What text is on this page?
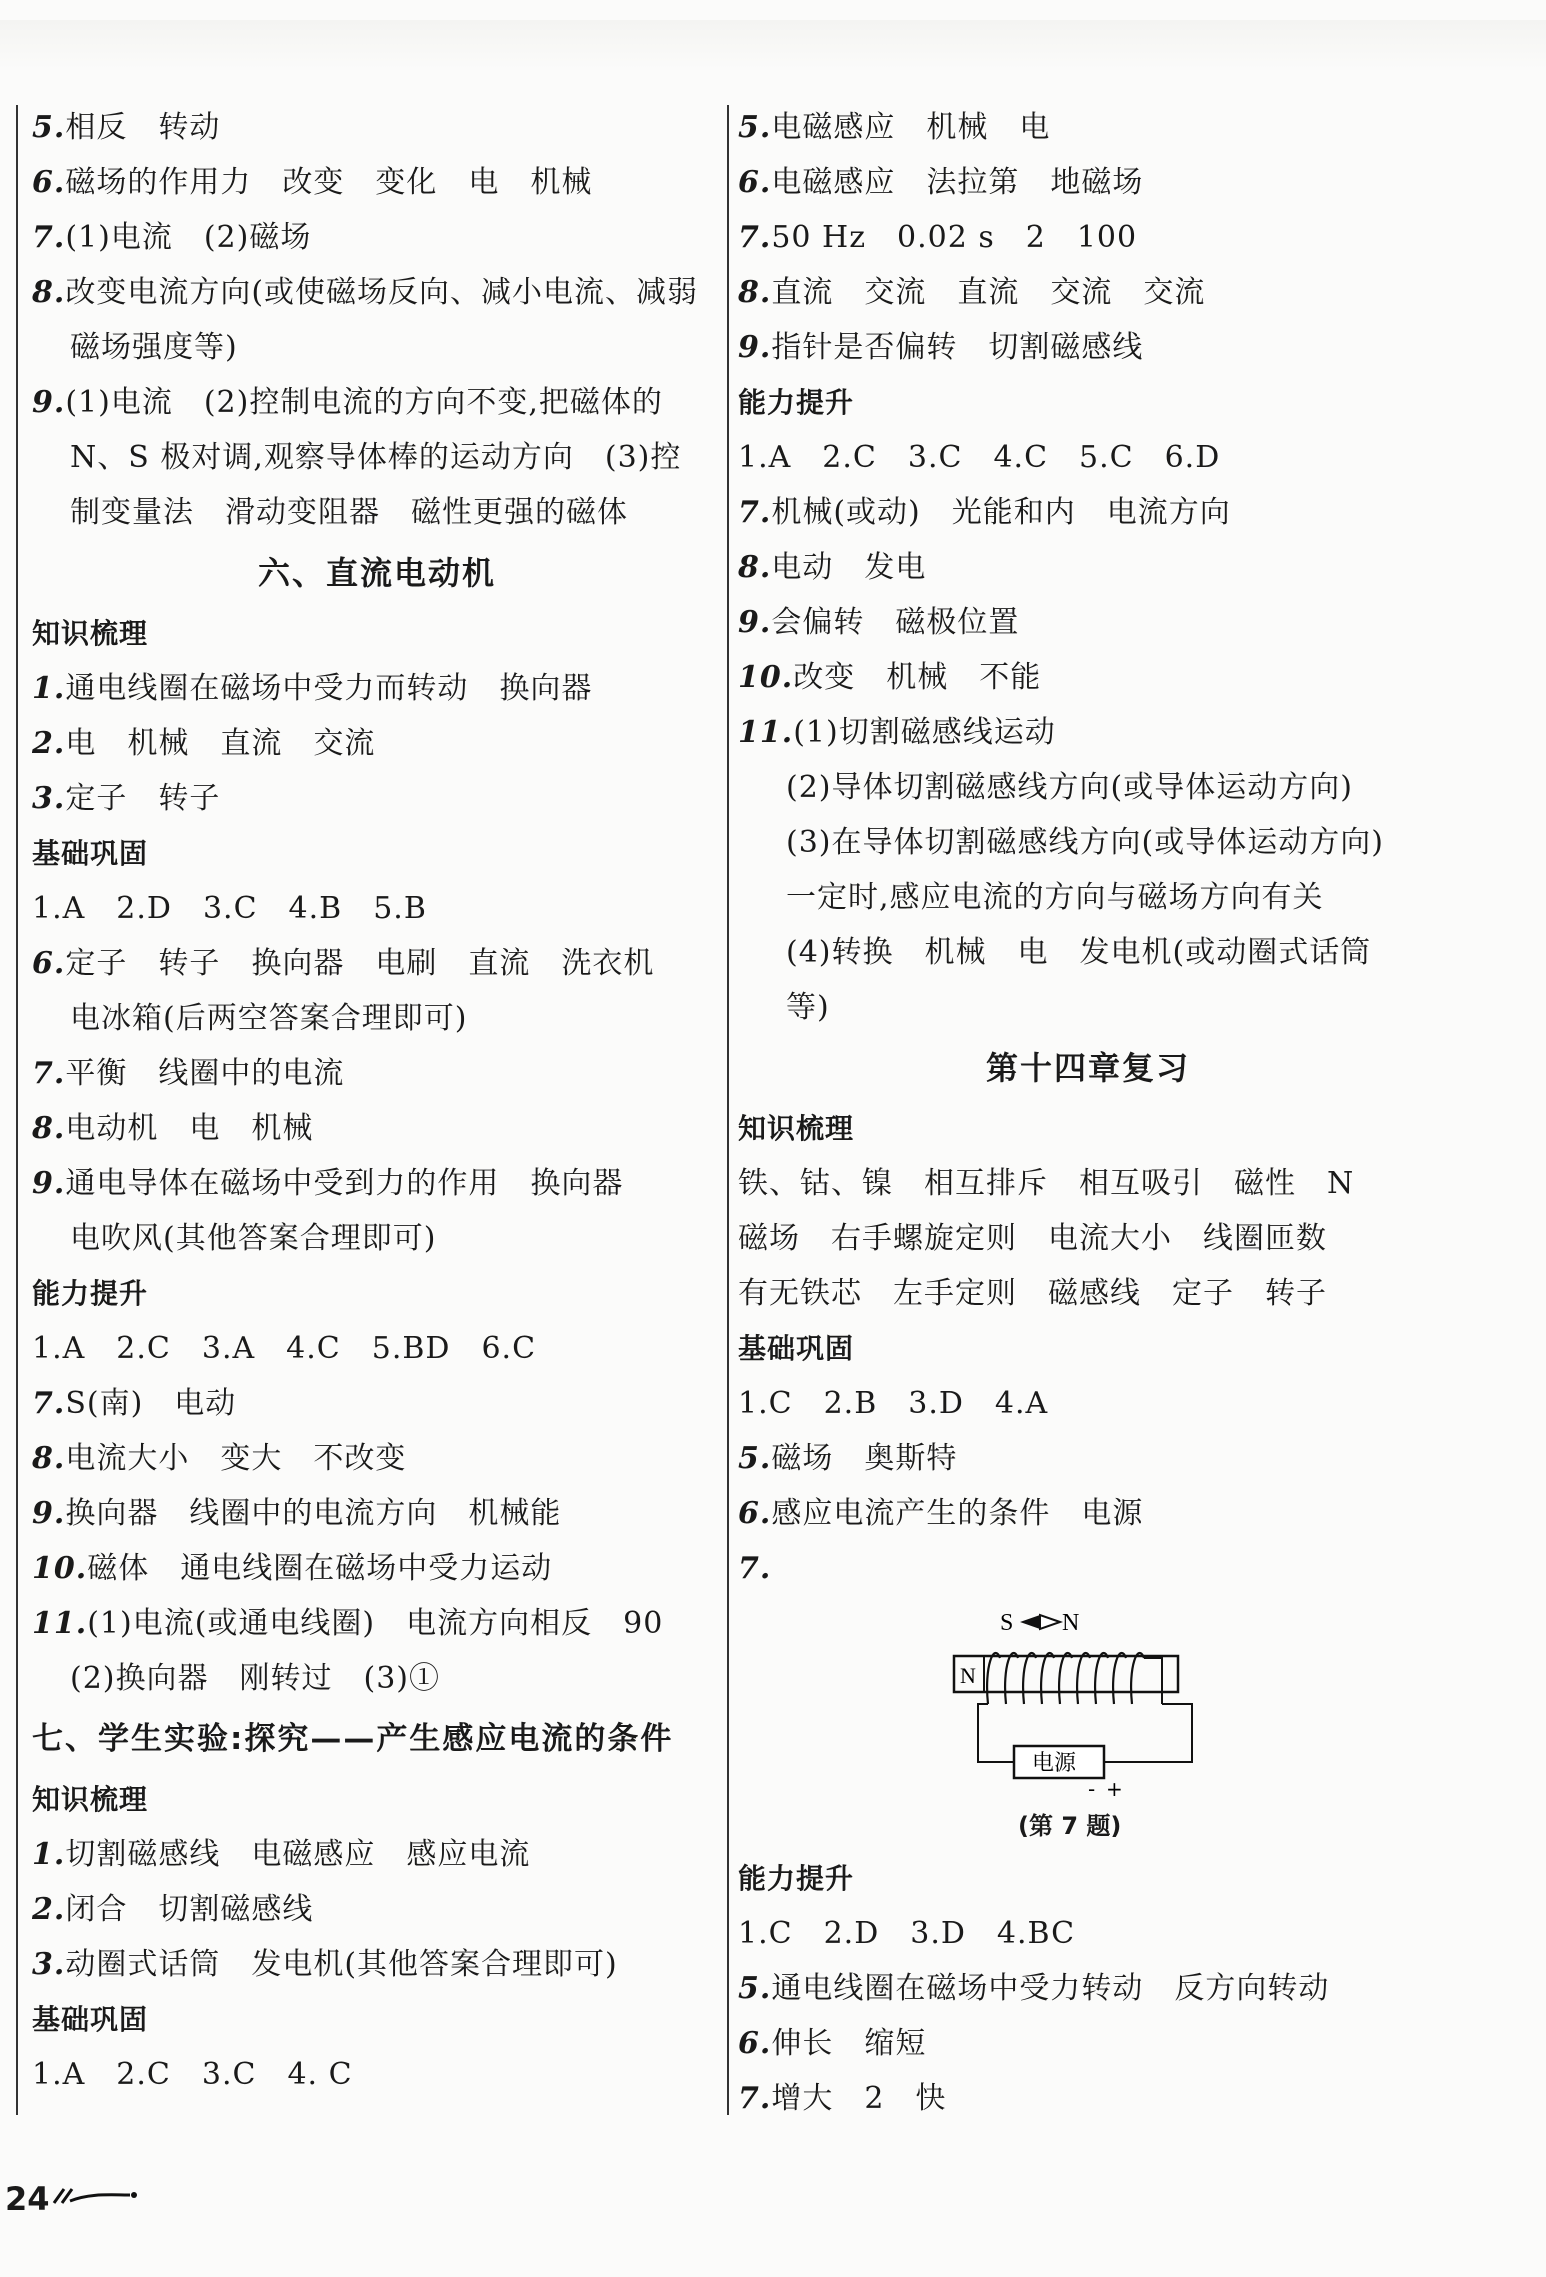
5.相反　转动
6.磁场的作用力　改变　变化　电　机械
7.(1)电流　(2)磁场
8.改变电流方向(或使磁场反向、减小电流、减弱
磁场强度等)
9.(1)电流　(2)控制电流的方向不变,把磁体的
N、S 极对调,观察导体棒的运动方向　(3)控
制变量法　滑动变阻器　磁性更强的磁体
六、直流电动机
知识梳理
1.通电线圈在磁场中受力而转动　换向器
2.电　机械　直流　交流
3.定子　转子
基础巩固
1.A　2.D　3.C　4.B　5.B
6.定子　转子　换向器　电刷　直流　洗衣机
电冰箱(后两空答案合理即可)
7.平衡　线圈中的电流
8.电动机　电　机械
9.通电导体在磁场中受到力的作用　换向器
电吹风(其他答案合理即可)
能力提升
1.A　2.C　3.A　4.C　5.BD　6.C
7.S(南)　电动
8.电流大小　变大　不改变
9.换向器　线圈中的电流方向　机械能
10.磁体　通电线圈在磁场中受力运动
11.(1)电流(或通电线圈)　电流方向相反　90
(2)换向器　刚转过　(3)①
七、学生实验:探究——产生感应电流的条件
知识梳理
1.切割磁感线　电磁感应　感应电流
2.闭合　切割磁感线
3.动圈式话筒　发电机(其他答案合理即可)
基础巩固
1.A　2.C　3.C　4. C
5.电磁感应　机械　电
6.电磁感应　法拉第　地磁场
7.50 Hz　0.02 s　2　100
8.直流　交流　直流　交流　交流
9.指针是否偏转　切割磁感线
能力提升
1.A　2.C　3.C　4.C　5.C　6.D
7.机械(或动)　光能和内　电流方向
8.电动　发电
9.会偏转　磁极位置
10.改变　机械　不能
11.(1)切割磁感线运动
(2)导体切割磁感线方向(或导体运动方向)
(3)在导体切割磁感线方向(或导体运动方向)
一定时,感应电流的方向与磁场方向有关
(4)转换　机械　电　发电机(或动圈式话筒
等)
第十四章复习
知识梳理
铁、钴、镍　相互排斥　相互吸引　磁性　N
磁场　右手螺旋定则　电流大小　线圈匝数
有无铁芯　左手定则　磁感线　定子　转子
基础巩固
1.C　2.B　3.D　4.A
5.磁场　奥斯特
6.感应电流产生的条件　电源
7.
S N
N
电源
- +
(第 7 题)
能力提升
1.C　2.D　3.D　4.BC
5.通电线圈在磁场中受力转动　反方向转动
6.伸长　缩短
7.增大　2　快
24
